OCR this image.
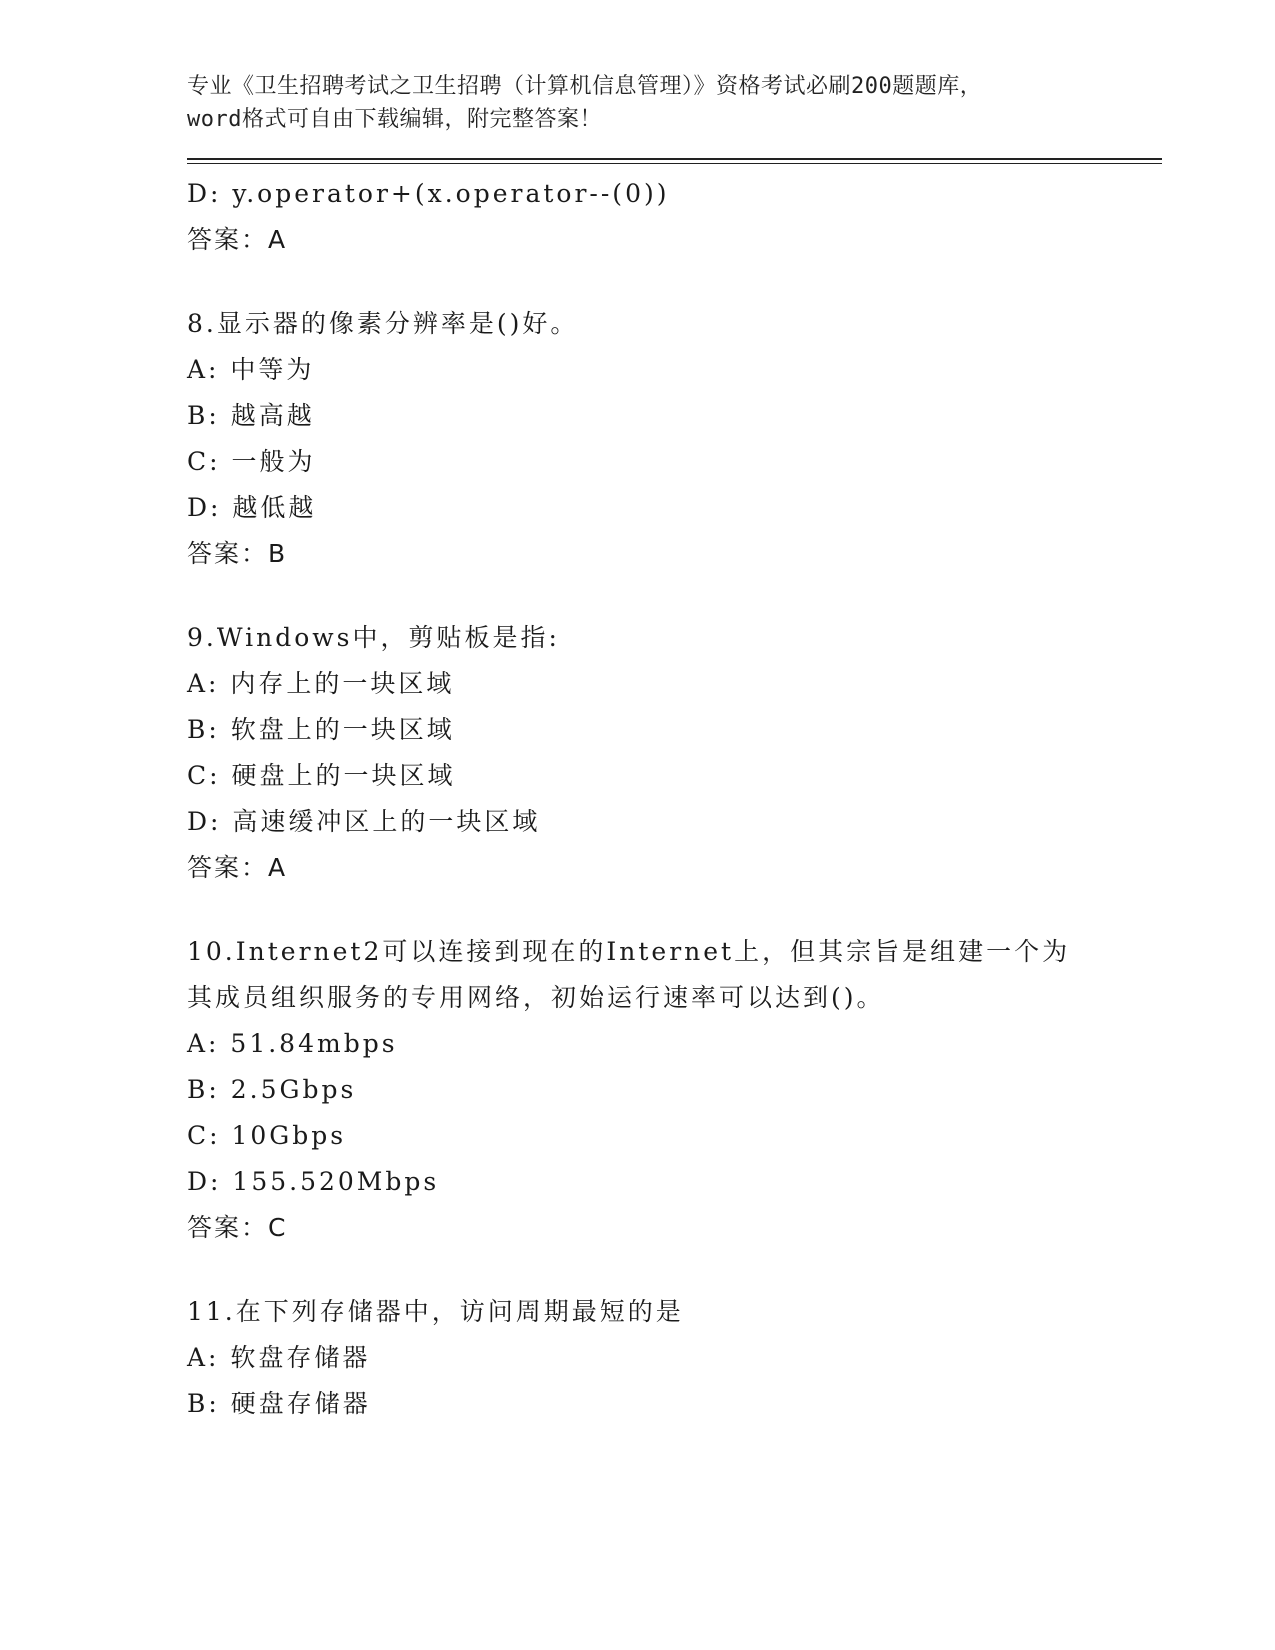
专业《卫生招聘考试之卫生招聘（计算机信息管理）》资格考试必刷200题题库，
word格式可自由下载编辑，附完整答案！
D: y.operator+(x.operator--(0))
答案：A
8.显示器的像素分辨率是()好。
A: 中等为
B: 越高越
C: 一般为
D: 越低越
答案：B
9.Windows中，剪贴板是指:
A: 内存上的一块区域
B: 软盘上的一块区域
C: 硬盘上的一块区域
D: 高速缓冲区上的一块区域
答案：A
10.Internet2可以连接到现在的Internet上，但其宗旨是组建一个为
其成员组织服务的专用网络，初始运行速率可以达到()。
A: 51.84mbps
B: 2.5Gbps
C: 10Gbps
D: 155.520Mbps
答案：C
11.在下列存储器中，访问周期最短的是
A: 软盘存储器
B: 硬盘存储器
